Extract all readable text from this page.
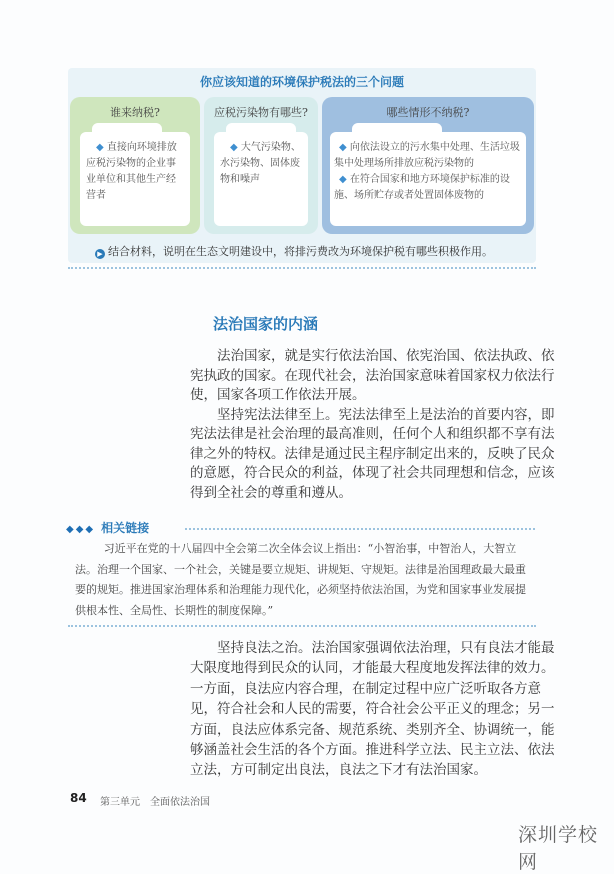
你应该知道的环境保护税法的三个问题
谁来纳税?
◆ 直接向环境排放应税污染物的企业事业单位和其他生产经营者
应税污染物有哪些?
◆ 大气污染物、水污染物、固体废物和噪声
哪些情形不纳税?
◆ 向依法设立的污水集中处理、生活垃圾集中处理场所排放应税污染物的
◆ 在符合国家和地方环境保护标准的设施、场所贮存或者处置固体废物的
▶ 结合材料，说明在生态文明建设中，将排污费改为环境保护税有哪些积极作用。
法治国家的内涵

法治国家，就是实行依法治国、依宪治国、依法执政、依宪执政的国家。在现代社会，法治国家意味着国家权力依法行使，国家各项工作依法开展。

坚持宪法法律至上。宪法法律至上是法治的首要内容，即宪法法律是社会治理的最高准则，任何个人和组织都不享有法律之外的特权。法律是通过民主程序制定出来的，反映了民众的意愿，符合民众的利益，体现了社会共同理想和信念，应该得到全社会的尊重和遵从。

◆◆◆ 相关链接

习近平在党的十八届四中全会第二次全体会议上指出：“小智治事，中智治人，大智立法。治理一个国家、一个社会，关键是要立规矩、讲规矩、守规矩。法律是治国理政最大最重要的规矩。推进国家治理体系和治理能力现代化，必须坚持依法治国，为党和国家事业发展提供根本性、全局性、长期性的制度保障。”

坚持良法之治。法治国家强调依法治理，只有良法才能最大限度地得到民众的认同，才能最大程度地发挥法律的效力。一方面，良法应内容合理，在制定过程中应广泛听取各方意见，符合社会和人民的需要，符合社会公平正义的理念；另一方面，良法应体系完备、规范系统、类别齐全、协调统一，能够涵盖社会生活的各个方面。推进科学立法、民主立法、依法立法，方可制定出良法，良法之下才有法治国家。

84 第三单元　全面依法治国
深圳学校网
